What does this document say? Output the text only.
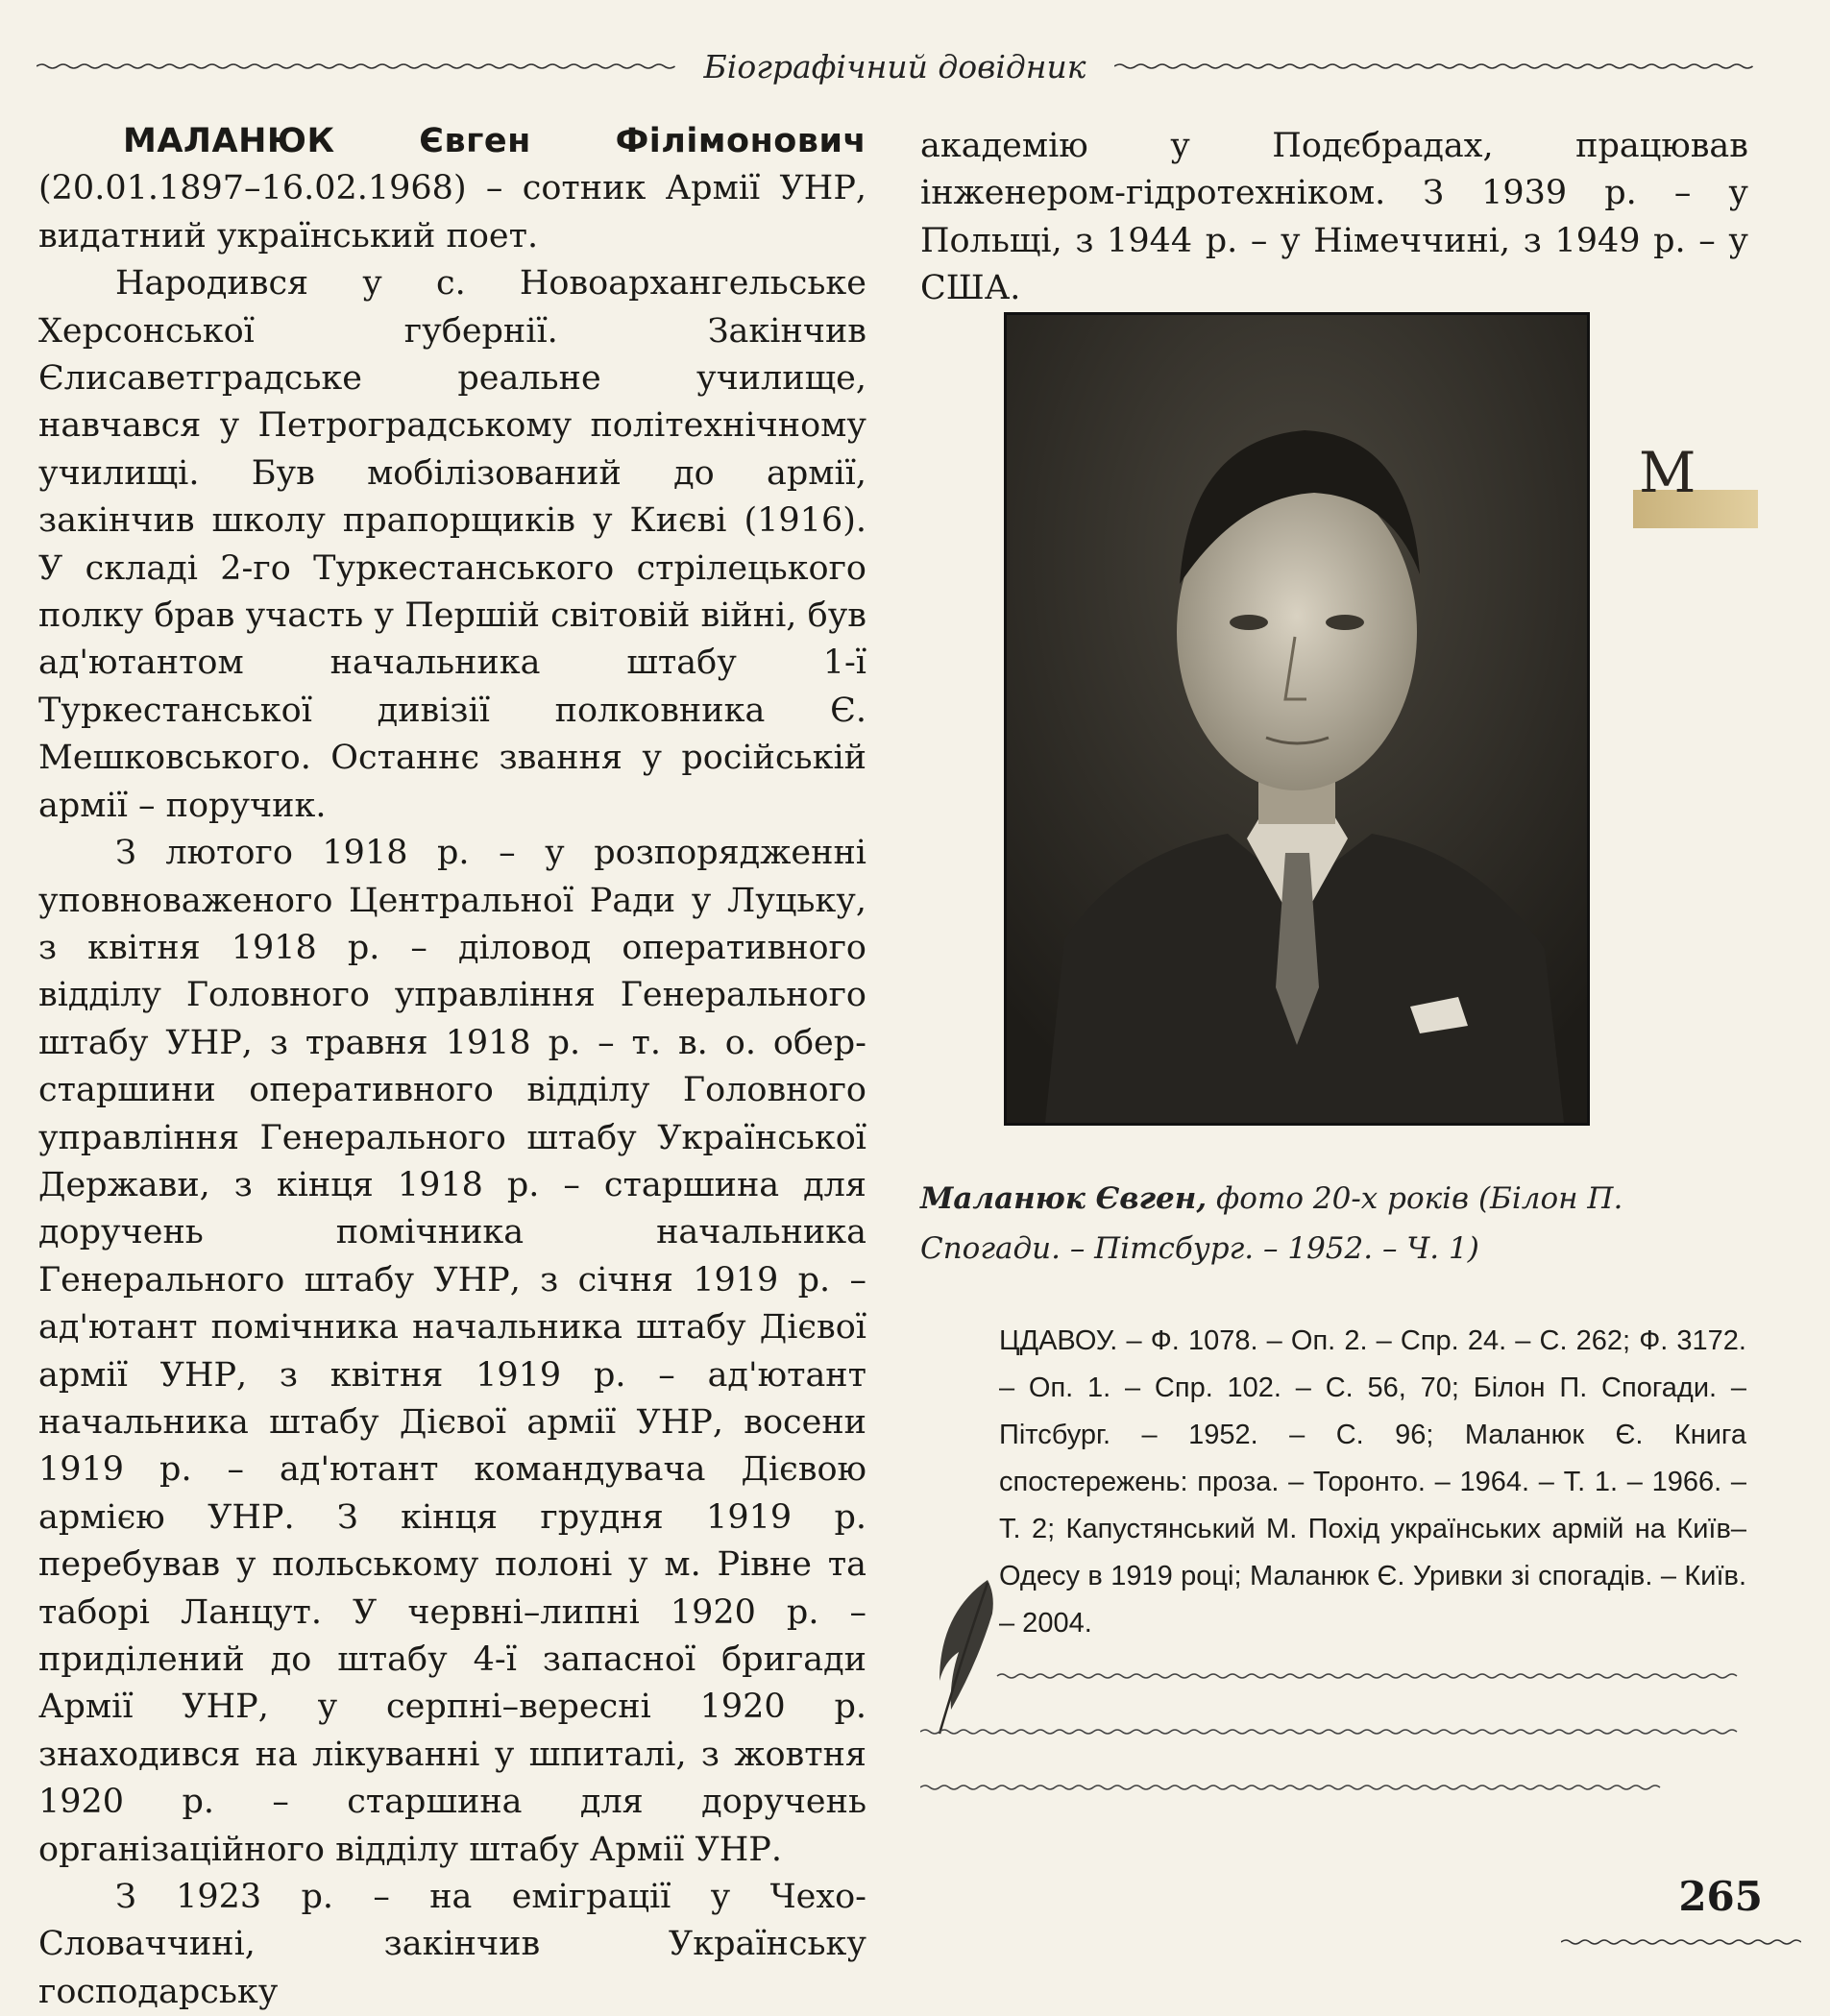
Біографічний довідник

МАЛАНЮК Євген Філімонович (20.01.1897–16.02.1968) – сотник Армії УНР, видатний український поет.

Народився у с. Новоархангельське Херсонської губернії. Закінчив Єлисаветградське реальне училище, навчався у Петроградському політехнічному училищі. Був мобілізований до армії, закінчив школу прапорщиків у Києві (1916). У складі 2-го Туркестанського стрілецького полку брав участь у Першій світовій війні, був ад'ютантом начальника штабу 1-ї Туркестанської дивізії полковника Є. Мешковського. Останнє звання у російській армії – поручик.

З лютого 1918 р. – у розпорядженні уповноваженого Центральної Ради у Луцьку, з квітня 1918 р. – діловод оперативного відділу Головного управління Генерального штабу УНР, з травня 1918 р. – т. в. о. обер-старшини оперативного відділу Головного управління Генерального штабу Української Держави, з кінця 1918 р. – старшина для доручень помічника начальника Генерального штабу УНР, з січня 1919 р. – ад'ютант помічника начальника штабу Дієвої армії УНР, з квітня 1919 р. – ад'ютант начальника штабу Дієвої армії УНР, восени 1919 р. – ад'ютант командувача Дієвою армією УНР. З кінця грудня 1919 р. перебував у польському полоні у м. Рівне та таборі Ланцут. У червні–липні 1920 р. – приділений до штабу 4-ї запасної бригади Армії УНР, у серпні–вересні 1920 р. знаходився на лікуванні у шпиталі, з жовтня 1920 р. – старшина для доручень організаційного відділу штабу Армії УНР.

З 1923 р. – на еміграції у Чехо-Словаччині, закінчив Українську господарську

академію у Подєбрадах, працював інженером-гідротехніком. З 1939 р. – у Польщі, з 1944 р. – у Німеччині, з 1949 р. – у США.

М
Маланюк Євген, фото 20-х років (Білон П. Спогади. – Пітсбург. – 1952. – Ч. 1)
ЦДАВОУ. – Ф. 1078. – Оп. 2. – Спр. 24. – С. 262; Ф. 3172. – Оп. 1. – Спр. 102. – С. 56, 70; Білон П. Спогади. – Пітсбург. – 1952. – С. 96; Маланюк Є. Книга спостережень: проза. – Торонто. – 1964. – Т. 1. – 1966. – Т. 2; Капустянський М. Похід українських армій на Київ–Одесу в 1919 році; Маланюк Є. Уривки зі спогадів. – Київ. – 2004.
265
